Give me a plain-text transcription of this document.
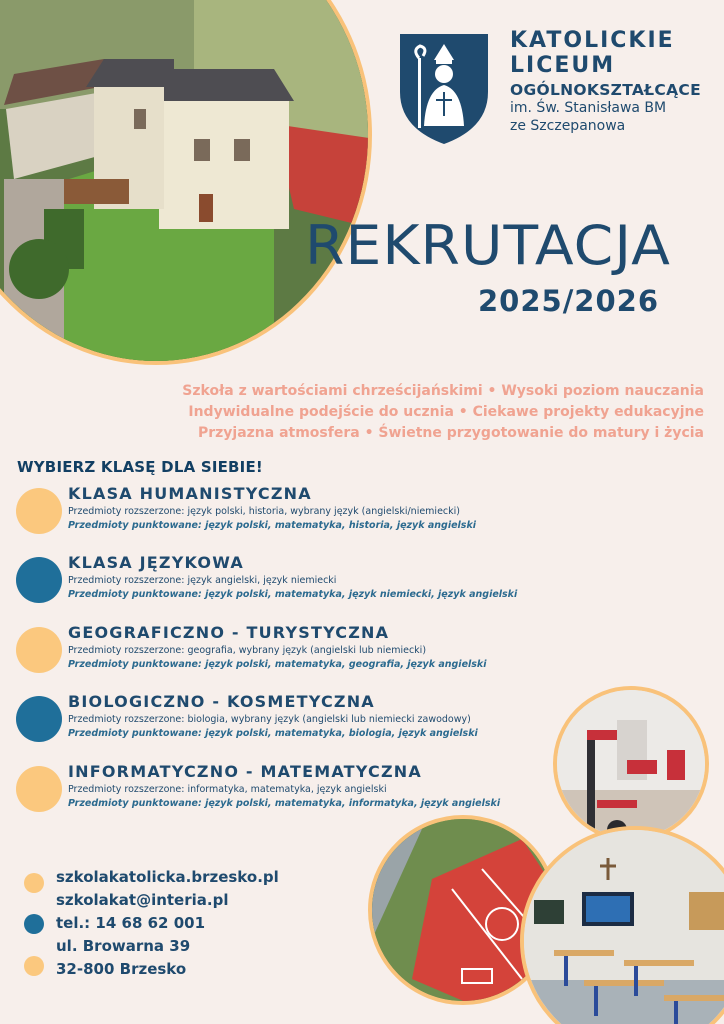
KATOLICKIE
LICEUM
OGÓLNOKSZTAŁCĄCE
im. Św. Stanisława BM
ze Szczepanowa
REKRUTACJA
2025/2026
Szkoła z wartościami chrześcijańskimi • Wysoki poziom nauczania
Indywidualne podejście do ucznia • Ciekawe projekty edukacyjne
Przyjazna atmosfera • Świetne przygotowanie do matury i życia
WYBIERZ KLASĘ DLA SIEBIE!
KLASA HUMANISTYCZNA
Przedmioty rozszerzone: język polski, historia, wybrany język (angielski/niemiecki)
Przedmioty punktowane: język polski, matematyka, historia, język angielski
KLASA JĘZYKOWA
Przedmioty rozszerzone: język angielski, język niemiecki
Przedmioty punktowane: język polski, matematyka, język niemiecki, język angielski
GEOGRAFICZNO - TURYSTYCZNA
Przedmioty rozszerzone: geografia, wybrany język (angielski lub niemiecki)
Przedmioty punktowane: język polski, matematyka, geografia, język angielski
BIOLOGICZNO - KOSMETYCZNA
Przedmioty rozszerzone: biologia, wybrany język (angielski lub niemiecki zawodowy)
Przedmioty punktowane: język polski, matematyka, biologia, język angielski
INFORMATYCZNO - MATEMATYCZNA
Przedmioty rozszerzone: informatyka, matematyka, język angielski
Przedmioty punktowane: język polski, matematyka, informatyka, język angielski
szkolakatolicka.brzesko.pl
szkolakat@interia.pl
tel.: 14 68 62 001
ul. Browarna 39
32-800 Brzesko
